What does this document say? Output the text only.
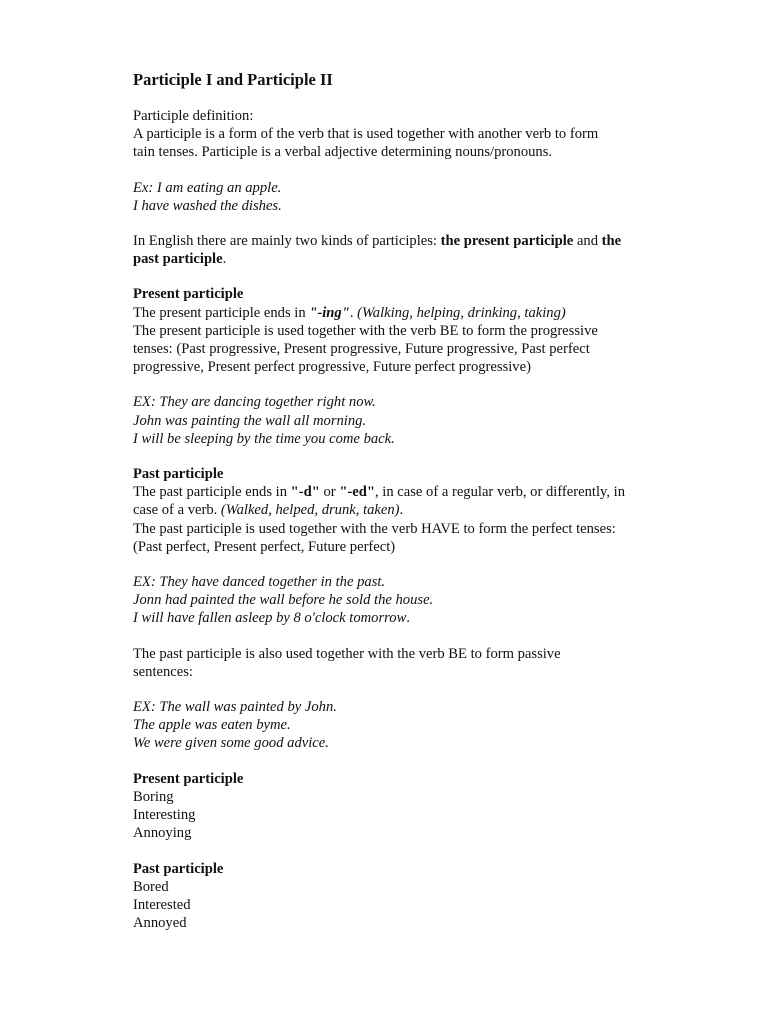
Participle I and Participle II
Participle definition:
A participle is a form of the verb that is used together with another verb to form
tain tenses. Participle is a verbal adjective determining nouns/pronouns.
Ex: I am eating an apple.
I have washed the dishes.
In English there are mainly two kinds of participles: the present participle and the
past participle.
Present participle
The present participle ends in "-ing". (Walking, helping, drinking, taking)
The present participle is used together with the verb BE to form the progressive
tenses: (Past progressive, Present progressive, Future progressive, Past perfect
progressive, Present perfect progressive, Future perfect progressive)
EX: They are dancing together right now.
John was painting the wall all morning.
I will be sleeping by the time you come back.
Past participle
The past participle ends in "-d" or "-ed", in case of a regular verb, or differently, in
case of a verb. (Walked, helped, drunk, taken).
The past participle is used together with the verb HAVE to form the perfect tenses:
(Past perfect, Present perfect, Future perfect)
EX: They have danced together in the past.
Jonn had painted the wall before he sold the house.
I will have fallen asleep by 8 o'clock tomorrow.
The past participle is also used together with the verb BE to form passive
sentences:
EX: The wall was painted by John.
The apple was eaten byme.
We were given some good advice.
Present participle
Boring
Interesting
Annoying
Past participle
Bored
Interested
Annoyed
